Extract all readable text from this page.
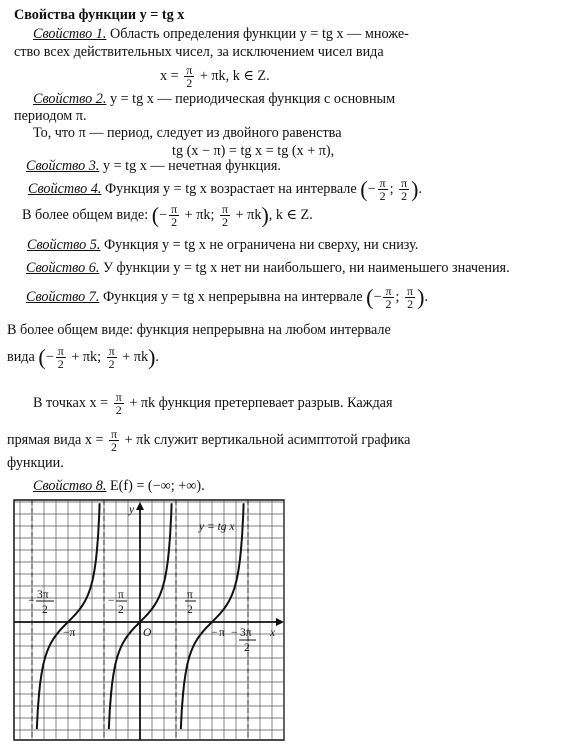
Свойства функции y = tg x
Свойство 1. Область определения функции y = tg x — множе-
ство всех действительных чисел, за исключением чисел вида
$x = \frac{\pi}{2} + \pi k$, k ∈ Z.
Свойство 2. y = tg x — периодическая функция с основным
периодом π.
То, что π — период, следует из двойного равенства
tg (x − π) = tg x = tg (x + π),
Свойство 3. y = tg x — нечетная функция.
Свойство 4. Функция y = tg x возрастает на интервале (− $\frac{\pi}{2}$ ; $\frac{\pi}{2}$ ).
В более общем виде: (− $\frac{\pi}{2} + \pi k$; $\frac{\pi}{2} + \pi k$), k ∈ Z.
Свойство 5. Функция y = tg x не ограничена ни сверху, ни снизу.
Свойство 6. У функции y = tg x нет ни наибольшего, ни наименьшего значения.
Свойство 7. Функция y = tg x непрерывна на интервале (− $\frac{\pi}{2}$ ; $\frac{\pi}{2}$ ).
В более общем виде: функция непрерывна на любом интервале
вида (− $\frac{\pi}{2} + \pi k$; $\frac{\pi}{2} + \pi k$).
В точках $x = \frac{\pi}{2} + \pi k$ функция претерпевает разрыв. Каждая
прямая вида $x = \frac{\pi}{2} + \pi k$ служит вертикальной асимптотой графика
функции.
Свойство 8. E(f) = (−∞; +∞).
y
x
O
y = tg x
− 3π
2
− π
2
π
2
−π	− π − 3π
2
